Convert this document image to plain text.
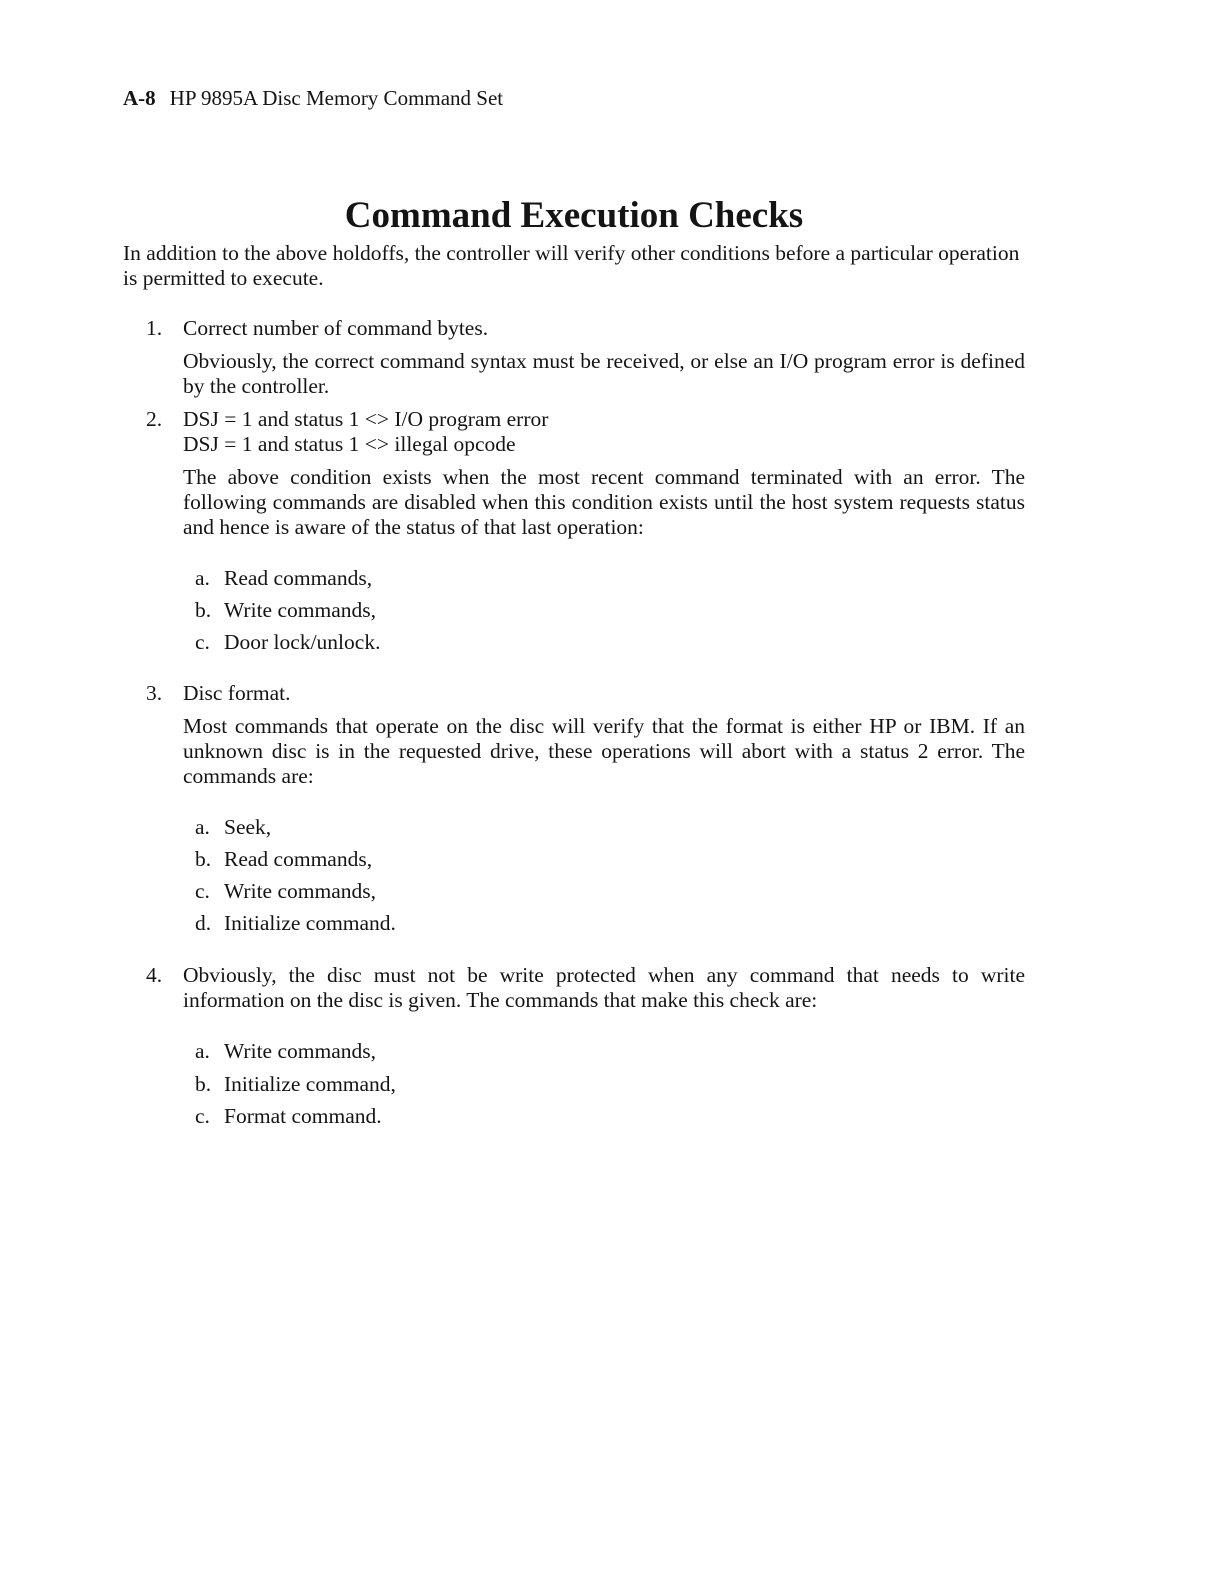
A-8 HP 9895A Disc Memory Command Set
Command Execution Checks

In addition to the above holdoffs, the controller will verify other conditions before a particular operation is permitted to execute.

1. Correct number of command bytes.

Obviously, the correct command syntax must be received, or else an I/O program error is defined by the controller.

2. DSJ = 1 and status 1 <> I/O program error
DSJ = 1 and status 1 <> illegal opcode

The above condition exists when the most recent command terminated with an error. The following commands are disabled when this condition exists until the host system requests status and hence is aware of the status of that last operation:

a. Read commands,
b. Write commands,
c. Door lock/unlock.
3. Disc format.

Most commands that operate on the disc will verify that the format is either HP or IBM. If an unknown disc is in the requested drive, these operations will abort with a status 2 error. The commands are:

a. Seek,
b. Read commands,
c. Write commands,
d. Initialize command.
4. Obviously, the disc must not be write protected when any command that needs to write information on the disc is given. The commands that make this check are:

a. Write commands,
b. Initialize command,
c. Format command.
